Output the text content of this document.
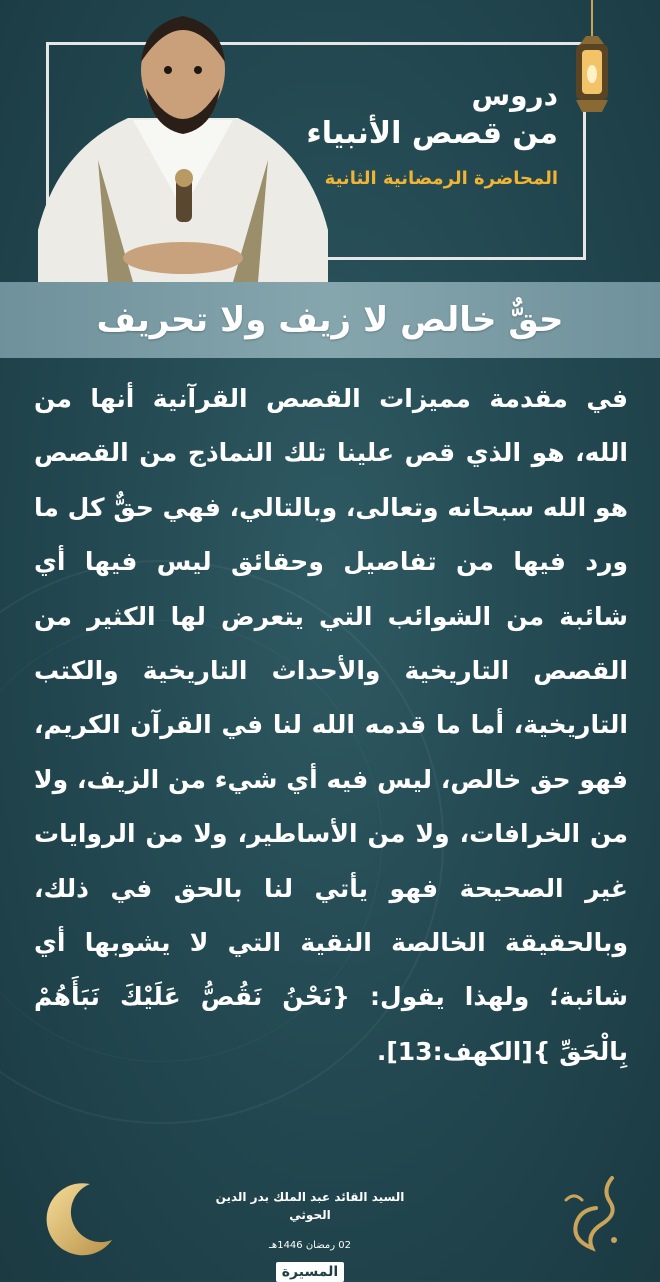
دروس
من قصص الأنبياء
المحاضرة الرمضانية الثانية
حقٌّ خالص لا زيف ولا تحريف
في مقدمة مميزات القصص القرآنية أنها من الله، هو الذي قص علينا تلك النماذج من القصص هو الله سبحانه وتعالى، وبالتالي، فهي حقٌّ كل ما ورد فيها من تفاصيل وحقائق ليس فيها أي شائبة من الشوائب التي يتعرض لها الكثير من القصص التاريخية والأحداث التاريخية والكتب التاريخية، أما ما قدمه الله لنا في القرآن الكريم، فهو حق خالص، ليس فيه أي شيء من الزيف، ولا من الخرافات، ولا من الأساطير، ولا من الروايات غير الصحيحة فهو يأتي لنا بالحق في ذلك، وبالحقيقة الخالصة النقية التي لا يشوبها أي شائبة؛ ولهذا يقول: {نَحْنُ نَقُصُّ عَلَيْكَ نَبَأَهُمْ بِالْحَقِّ }[الكهف:13].
السيد القائد عبد الملك بدر الدين الحوثي
02 رمضان 1446هـ
المسيرة
